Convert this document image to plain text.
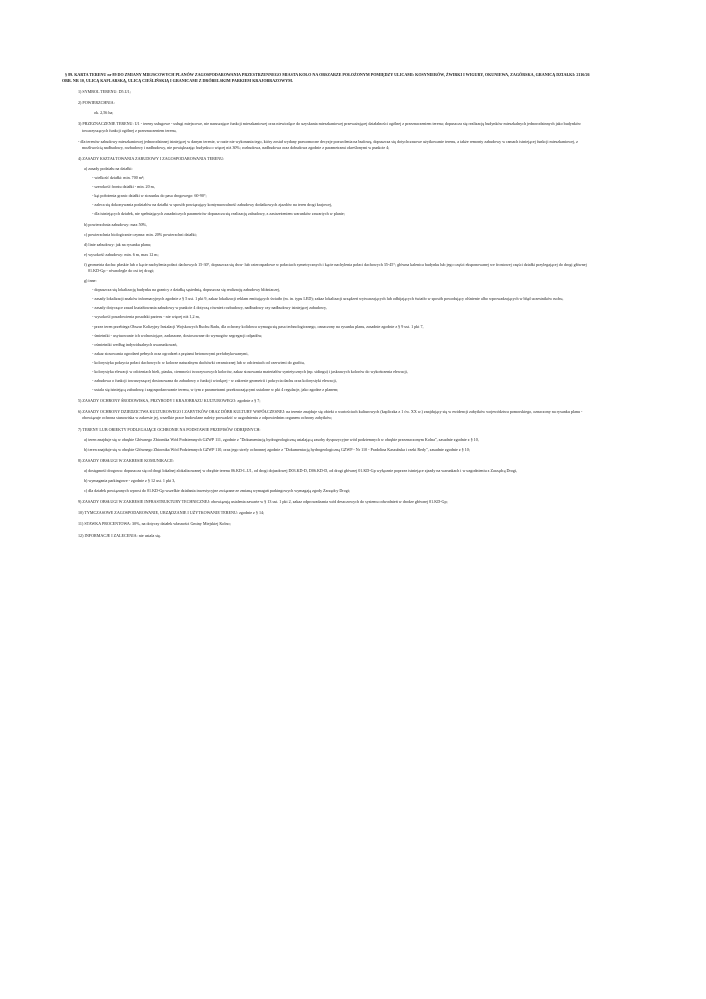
§ 89. KARTA TERENU nr 89 DO ZMIANY MIEJSCOWYCH PLANÓW ZAGOSPODAROWANIA PRZESTRZENNEGO MIASTA KOŁO NA OBSZARZE POŁOŻONYM POMIĘDZY ULICAMI: KOSYNIERÓW, ŻWIRKI I WIGURY, OKUNIEWA, ZAGÓRSKA, GRANICĄ DZIAŁKI: 2116/26 OBR. NR 10, ULICĄ KAFLARSKĄ, ULICĄ CIEŚLIŃSKIĄ I GRANICAMI Z DRÓBELSKIM PARKIEM KRAJOBRAZOWYM.
1) SYMBOL TERENU: D5.U1;
2) POWIERZCHNIA:
ok. 2,56 ha;
3) PRZEZNACZENIE TERENU: U1 - tereny usługowe - usługi miejscowe, nie naruszające funkcji mieszkaniowej oraz niewiodące do uzyskania mieszkaniowej przeważającej działalności ogólnej z przeznaczeniem terenu; dopuszcza się realizację budynków mieszkalnych jednorodzinnych jako budynków towarzyszących funkcji ogólnej z przeznaczeniem terenu,
- dla terenów zabudowy mieszkaniowej jednorodzinnej istniejącej w danym terenie, w razie nie wykonania tego, który został wydany prawomocne decyzje pozwolenia na budowę, dopuszcza się dotychczasowe użytkowanie terenu, a także remonty zabudowy w ramach istniejącej funkcji mieszkaniowej, z możliwością nadbudowy, rozbudowy i nadbudowy, nie powiększając budynku o więcej niż 30%; rozbudowa, nadbudowa oraz dobudowa zgodnie z parametrami określonymi w punkcie 4;
4) ZASADY KSZTAŁTOWANIA ZABUDOWY I ZAGOSPODAROWANIA TERENU:
a) zasady podziału na działki:
- wielkość działki: min. 700 m²;
- szerokość frontu działki - min. 20 m,
- kąt położenia granic działki w stosunku do pasa drogowego: 60-90°;
- zaleca się dokonywania podziałów na działki w sposób powiązujący kontynuowalność zabudowy dodatkowych zjazdów na teren drogi krajowej,
- dla istniejących działek, nie spełniających zasadniczych parametrów dopuszcza się realizację zabudowy, z zastrzeżeniem warunków zawartych w planie;
b) powierzchnia zabudowy: max 50%,
c) powierzchnia biologicznie czynna: min. 20% powierzchni działki;
d) linie zabudowy: jak na rysunku planu;
e) wysokość zabudowy: min. 6 m, max 12 m;
f) geometria dachu: płaskie lub o kącie nachylenia połaci dachowych 15-30°, dopuszcza się dwu- lub czterospadowe w połaciach symetrycznych i kącie nachylenia połaci dachowych 35-45°; główna kalenica budynku lub jego części eksponowanej we frontowej części działki przylegającej do drogi głównej 01.KD-Gp - równolegle do osi tej drogi;
g) inne:
- dopuszcza się lokalizację budynku na granicy z działką sąsiednią, dopuszcza się realizację zabudowy bliźniaczej,
- zasady lokalizacji znaków informacyjnych zgodnie z § 5 ust. 1 pkt 9, zakaz lokalizacji reklam emitujących światło (m. in. typu LED); zakaz lokalizacji urządzeń wytwarzających lub odbijających światło w sposób powodujący olśnienie albo wprowadzających w błąd uczestników ruchu,
- zasady dotyczące zasad kształtowania zabudowy w punkcie 4 dotyczą również rozbudowy, nadbudowy czy nadbudowy istniejącej zabudowy,
- wysokość posadowienia posadzki parteru - nie więcej niż 1,2 m,
- przez teren przebiega Obszar Kolizyjny Instalacji Wojskowych Ruchu Radu, dla ochrony kolidowa wymaga się pasa technologicznego, oznaczony na rysunku planu, zasadnie zgodnie z § 9 ust. 1 pkt 7,
- śmietniki - usytuowanie ich wolnostojące, zadaszone, dostosowane do wymogów segregacji odpadów,
- ośmietniki według indywidualnych uwarunkowań,
- zakaz stosowania ogrodzeń pełnych oraz ogrodzeń z prętami betonowymi prefabrykowanymi,
- kolorystyka pokrycia połaci dachowych: w kolorze naturalnym dachówki ceramicznej lub w odcieniach od czerwieni do grafitu,
- kolorystyka elewacji w odcieniach bieli, piasku, ciemności tworzywowych kolorów, zakaz stosowania materiałów syntetycznych (np. sidingu) i jaskrawych kolorów do wykończenia elewacji,
- zabudowa o funkcji towarzyszącej dostosowana do zabudowy o funkcji wiodącej - w zakresie geometrii i pokrycia dachu oraz kolorystyki elewacji,
- ustala się istniejącą zabudowę i zagospodarowanie terenu, w tym z parametrami przekraczającymi ustalone w pkt 4 regulacje, jako zgodne z planem;
5) ZASADY OCHRONY ŚRODOWISKA, PRZYRODY I KRAJOBRAZU KULTUROWEGO: zgodnie z § 7;
6) ZASADY OCHRONY DZIEDZICTWA KULTUROWEGO I ZABYTKÓW ORAZ DÓBR KULTURY WSPÓŁCZESNEJ: na terenie znajduje się obiekt o wartościach kulturowych (kapliczka z 1 ćw. XX w.) znajdujący się w ewidencji zabytków województwa pomorskiego, oznaczony na rysunku planu - obowiązuje ochrona stanowiska w zakresie jej, wszelkie prace budowlane należy prowadzić w uzgodnieniu z odpowiednim organem ochrony zabytków;
7) TERENY LUB OBIEKTY PODLEGAJĄCE OCHRONIE NA PODSTAWIE PRZEPISÓW ODRĘBNYCH:
a) teren znajduje się w obrębie Głównego Zbiornika Wód Podziemnych GZWP 111, zgodnie z "Dokumentacją hydrogeologiczną ustalającą zasoby dyspozycyjne wód podziemnych w obrębie przeznaczonym Kolna", zasadnie zgodnie z § 10,
b) teren znajduje się w obrębie Głównego Zbiornika Wód Podziemnych GZWP 110, oraz jego strefy ochronnej zgodnie z "Dokumentacją hydrogeologiczną GZWP - Nr 110 - Pradolina Kaszubska i rzeki Redy", zasadnie zgodnie z § 10;
8) ZASADY OBSŁUGI W ZAKRESIE KOMUNIKACJI:
a) dostępność drogowa: dopuszcza się od drogi lokalnej zlokalizowanej w obrębie terenu 06.KD-L.U1, od drogi dojazdowej D03.KD-D, D06.KD-D, od drogi głównej 01.KD-Gp wyłącznie poprzez istniejące zjazdy na warunkach i w uzgodnieniu z Zarządcą Drogi,
b) wymagania parkingowe - zgodnie z § 12 ust. 1 pkt 3,
c) dla działek powiązanych wprost do 01.KD-Gp wszelkie działania inwestycyjne związane ze zmianą wymagań parkingowych wymagają zgody Zarządcy Drogi;
9) ZASADY OBSŁUGI W ZAKRESIE INFRASTRUKTURY TECHNICZNEJ: obowiązują ustalenia zawarte w § 13 ust. 1 pkt 2, zakaz odprowadzania wód deszczowych do systemu odwodnień w drodze głównej 01.KD-Gp;
10) TYMCZASOWE ZAGOSPODAROWANIE, URZĄDZANIE I UŻYTKOWANIE TERENU: zgodnie z § 14;
11) STAWKA PROCENTOWA: 30%, na dotyczy działek własności Gminy Miejskiej Kolno;
12) INFORMACJE I ZALECENIA: nie ustala się.
